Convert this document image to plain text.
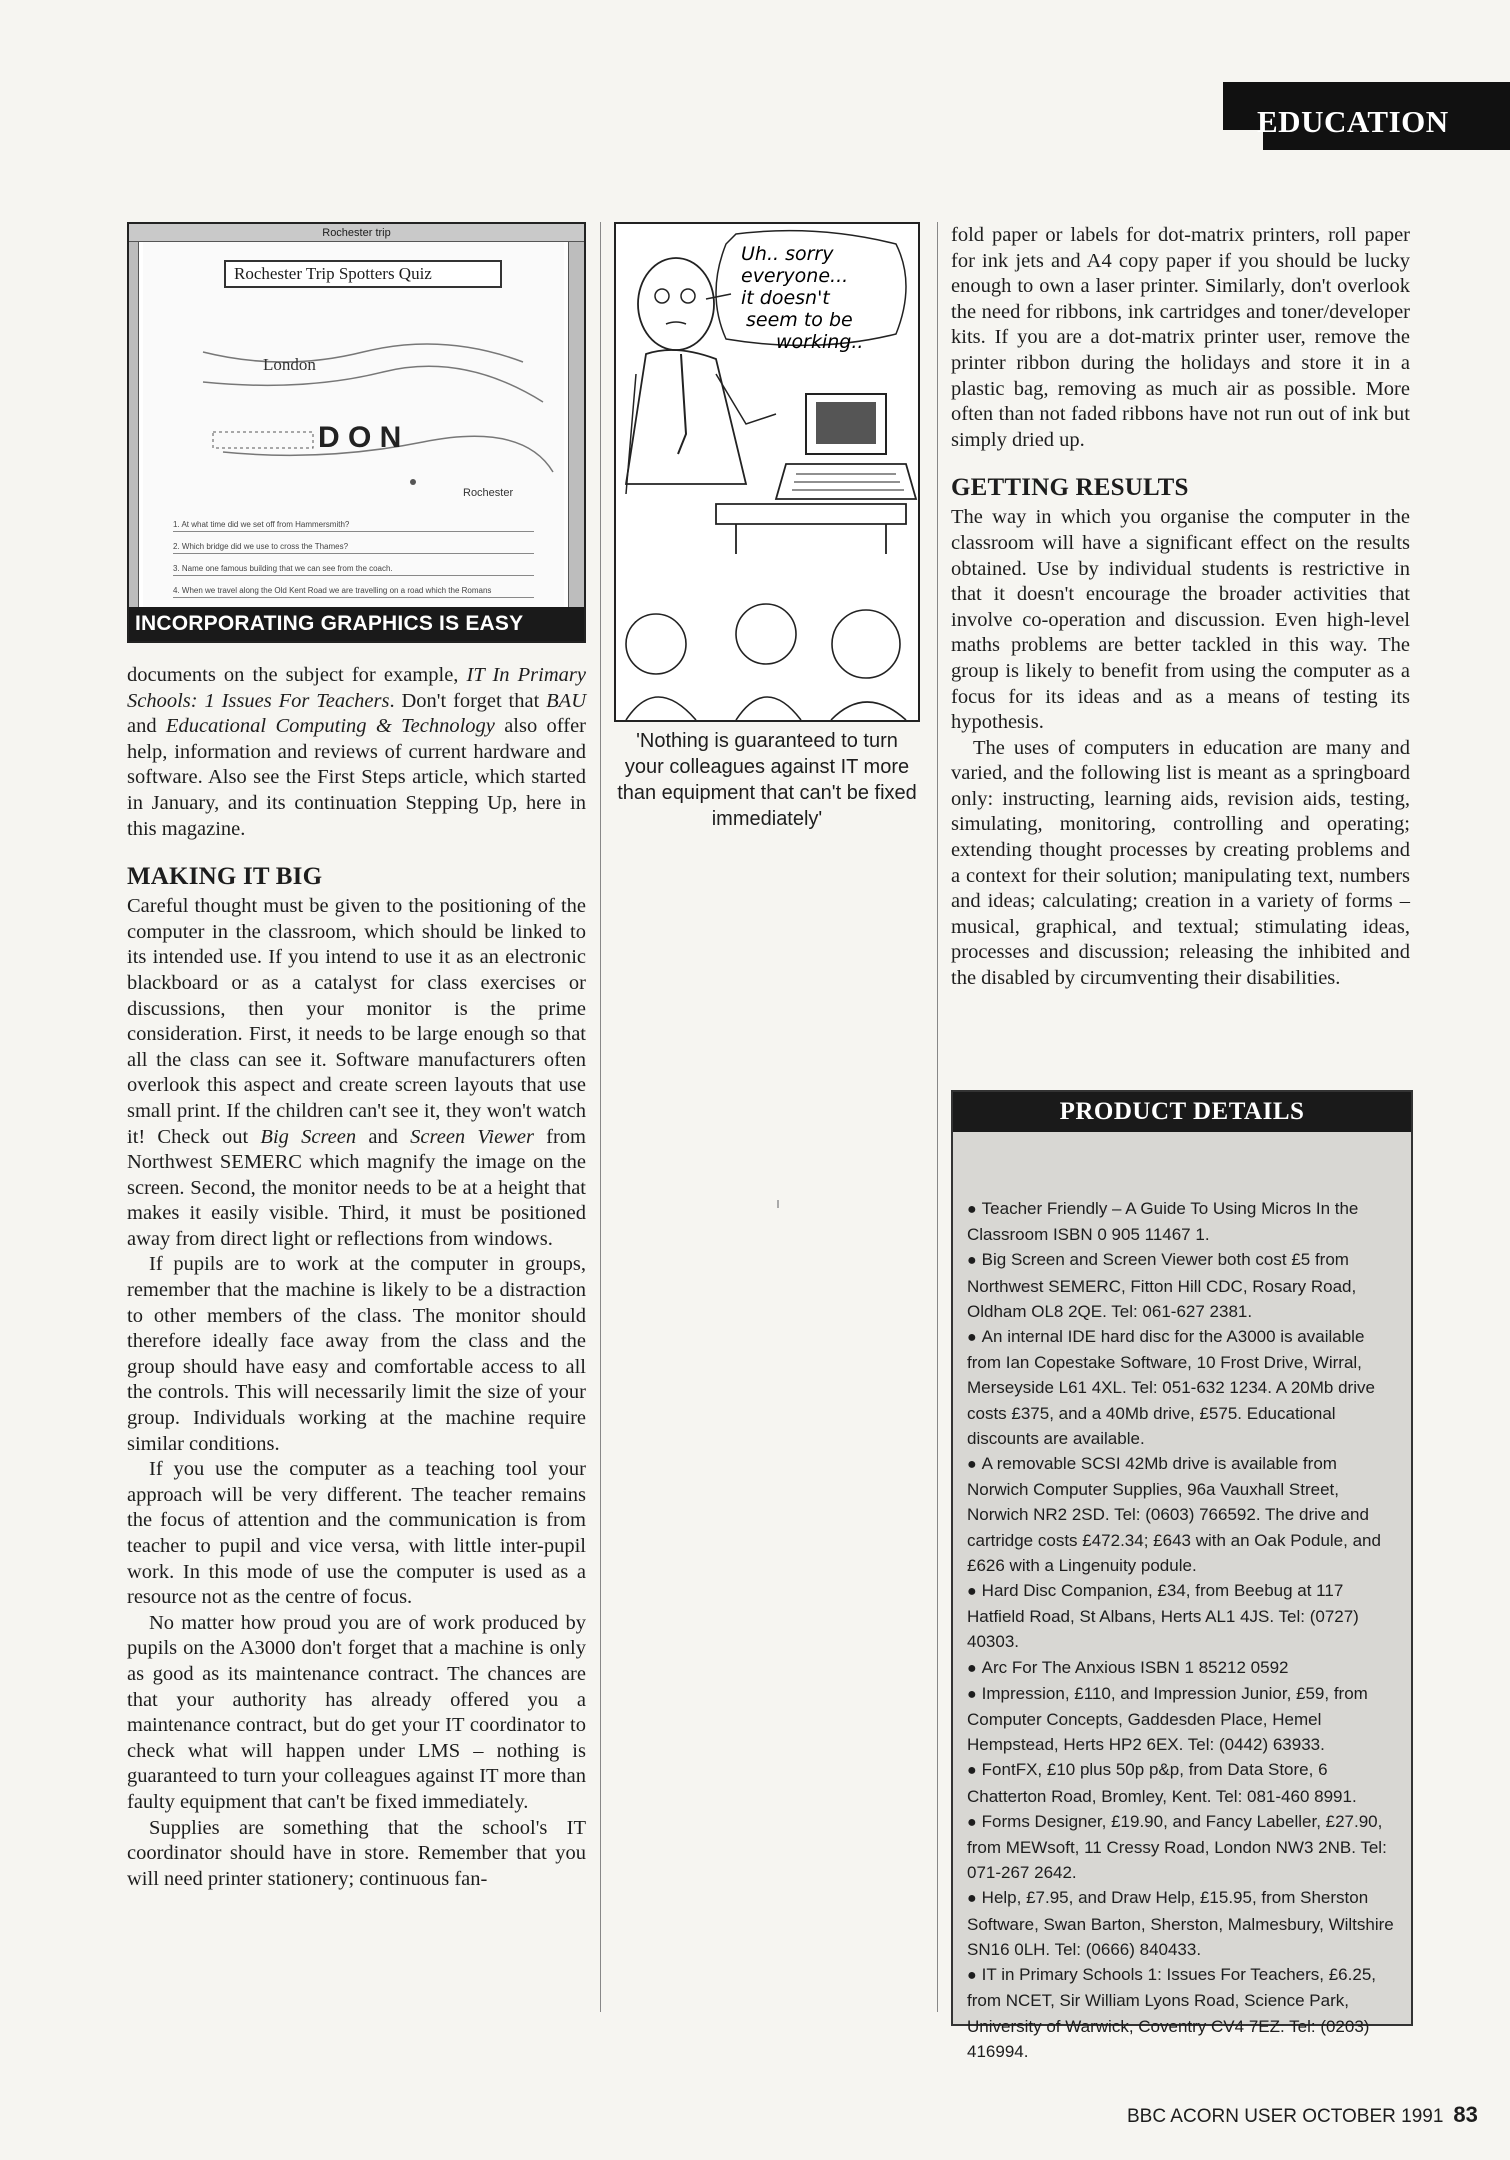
EDUCATION
Rochester trip
London
D O N
Rochester
1. At what time did we set off from Hammersmith?
2. Which bridge did we use to cross the Thames?
3. Name one famous building that we can see from the coach.
4. When we travel along the Old Kent Road we are travelling on a road which the Romans
Rochester Trip Spotters Quiz
INCORPORATING GRAPHICS IS EASY

documents on the subject for example, IT In Primary Schools: 1 Issues For Teachers. Don't forget that BAU and Educational Computing & Technology also offer help, information and reviews of current hardware and software. Also see the First Steps article, which started in January, and its continuation Stepping Up, here in this magazine.

MAKING IT BIG

Careful thought must be given to the positioning of the computer in the classroom, which should be linked to its intended use. If you intend to use it as an electronic blackboard or as a catalyst for class exercises or discussions, then your monitor is the prime consideration. First, it needs to be large enough so that all the class can see it. Software manufacturers often overlook this aspect and create screen layouts that use small print. If the children can't see it, they won't watch it! Check out Big Screen and Screen Viewer from Northwest SEMERC which magnify the image on the screen. Second, the monitor needs to be at a height that makes it easily visible. Third, it must be positioned away from direct light or reflections from windows.

If pupils are to work at the computer in groups, remember that the machine is likely to be a distraction to other members of the class. The monitor should therefore ideally face away from the class and the group should have easy and comfortable access to all the controls. This will necessarily limit the size of your group. Individuals working at the machine require similar conditions.

If you use the computer as a teaching tool your approach will be very different. The teacher remains the focus of attention and the communication is from teacher to pupil and vice versa, with little inter-pupil work. In this mode of use the computer is used as a resource not as the centre of focus.

No matter how proud you are of work produced by pupils on the A3000 don't forget that a machine is only as good as its maintenance contract. The chances are that your authority has already offered you a maintenance contract, but do get your IT coordinator to check what will happen under LMS – nothing is guaranteed to turn your colleagues against IT more than faulty equipment that can't be fixed immediately.

Supplies are something that the school's IT coordinator should have in store. Remember that you will need printer stationery; continuous fan-

Uh.. sorry
everyone...
it doesn't
seem to be
working..
'Nothing is guaranteed to turn your colleagues against IT more than equipment that can't be fixed immediately'

fold paper or labels for dot-matrix printers, roll paper for ink jets and A4 copy paper if you should be lucky enough to own a laser printer. Similarly, don't overlook the need for ribbons, ink cartridges and toner/developer kits. If you are a dot-matrix printer user, remove the printer ribbon during the holidays and store it in a plastic bag, removing as much air as possible. More often than not faded ribbons have not run out of ink but simply dried up.

GETTING RESULTS

The way in which you organise the computer in the classroom will have a significant effect on the results obtained. Use by individual students is restrictive in that it doesn't encourage the broader activities that involve co-operation and discussion. Even high-level maths problems are better tackled in this way. The group is likely to benefit from using the computer as a focus for its ideas and as a means of testing its hypothesis.

The uses of computers in education are many and varied, and the following list is meant as a springboard only: instructing, learning aids, revision aids, testing, simulating, monitoring, controlling and operating; extending thought processes by creating problems and a context for their solution; manipulating text, numbers and ideas; calculating; creation in a variety of forms – musical, graphical, and textual; stimulating ideas, processes and discussion; releasing the inhibited and the disabled by circumventing their disabilities.

PRODUCT DETAILS
● Teacher Friendly – A Guide To Using Micros In the Classroom ISBN 0 905 11467 1.
● Big Screen and Screen Viewer both cost £5 from Northwest SEMERC, Fitton Hill CDC, Rosary Road, Oldham OL8 2QE. Tel: 061-627 2381.
● An internal IDE hard disc for the A3000 is available from Ian Copestake Software, 10 Frost Drive, Wirral, Merseyside L61 4XL. Tel: 051-632 1234. A 20Mb drive costs £375, and a 40Mb drive, £575. Educational discounts are available.
● A removable SCSI 42Mb drive is available from Norwich Computer Supplies, 96a Vauxhall Street, Norwich NR2 2SD. Tel: (0603) 766592. The drive and cartridge costs £472.34; £643 with an Oak Podule, and £626 with a Lingenuity podule.
● Hard Disc Companion, £34, from Beebug at 117 Hatfield Road, St Albans, Herts AL1 4JS. Tel: (0727) 40303.
● Arc For The Anxious ISBN 1 85212 0592
● Impression, £110, and Impression Junior, £59, from Computer Concepts, Gaddesden Place, Hemel Hempstead, Herts HP2 6EX. Tel: (0442) 63933.
● FontFX, £10 plus 50p p&p, from Data Store, 6 Chatterton Road, Bromley, Kent. Tel: 081-460 8991.
● Forms Designer, £19.90, and Fancy Labeller, £27.90, from MEWsoft, 11 Cressy Road, London NW3 2NB. Tel: 071-267 2642.
● Help, £7.95, and Draw Help, £15.95, from Sherston Software, Swan Barton, Sherston, Malmesbury, Wiltshire SN16 0LH. Tel: (0666) 840433.
● IT in Primary Schools 1: Issues For Teachers, £6.25, from NCET, Sir William Lyons Road, Science Park, University of Warwick, Coventry CV4 7EZ. Tel: (0203) 416994.
BBC ACORN USER OCTOBER 1991 83
